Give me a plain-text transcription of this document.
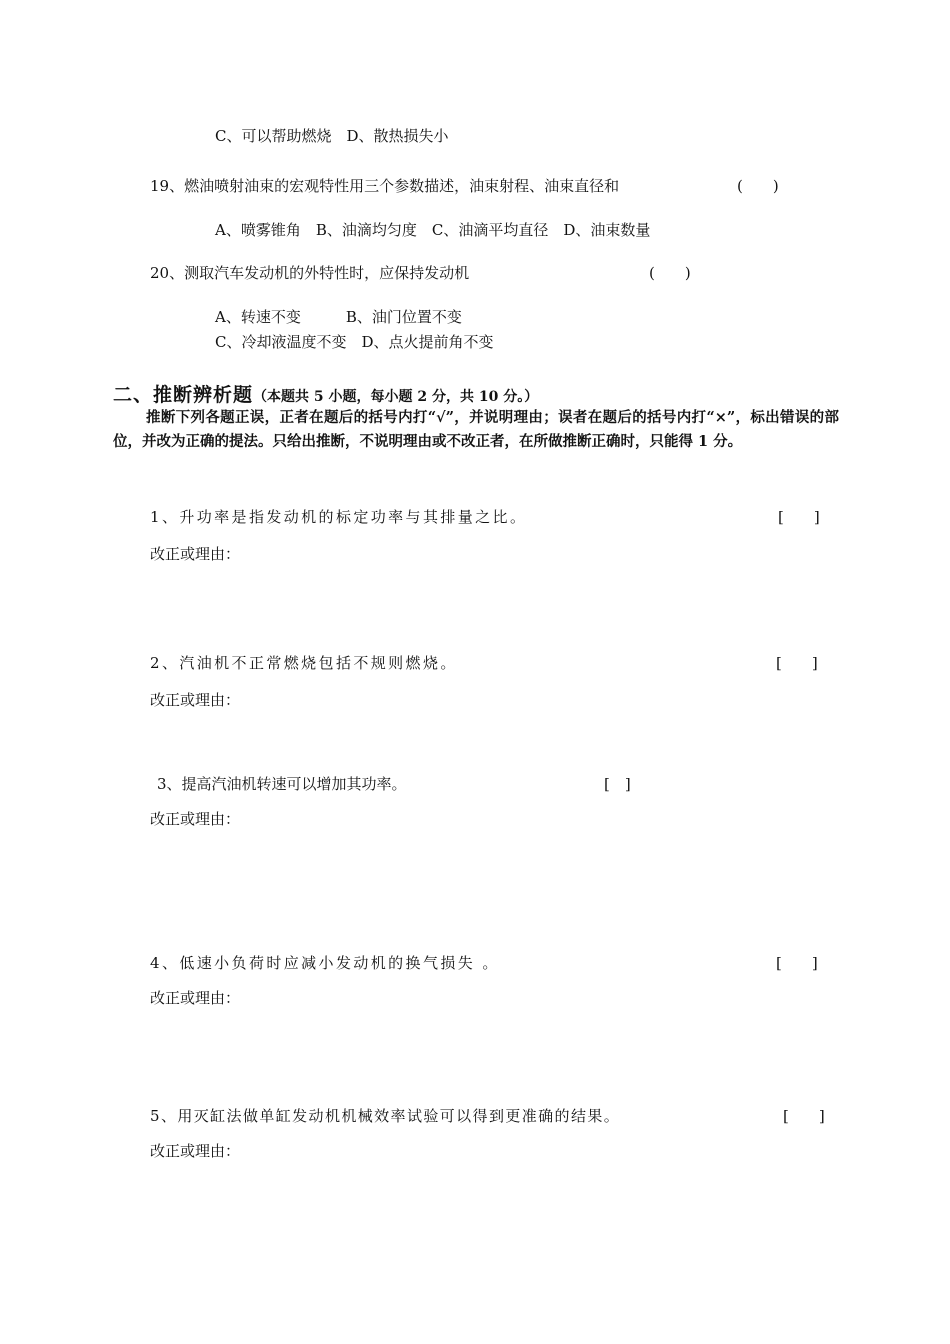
C、可以帮助燃烧　D、散热损失小
19、燃油喷射油束的宏观特性用三个参数描述，油束射程、油束直径和	(　　)
A、喷雾锥角　B、油滴均匀度　C、油滴平均直径　D、油束数量
20、测取汽车发动机的外特性时，应保持发动机	(　　)
A、转速不变　　　B、油门位置不变
C、冷却液温度不变　D、点火提前角不变
二、推断辨析题（本题共 5 小题，每小题 2 分，共 10 分。）
推断下列各题正误，正者在题后的括号内打“√”，并说明理由；误者在题后的括号内打“×”，标出错误的部位，并改为正确的提法。只给出推断，不说明理由或不改正者，在所做推断正确时，只能得 1 分。
1、升功率是指发动机的标定功率与其排量之比。	[　　]
改正或理由：
2、汽油机不正常燃烧包括不规则燃烧。	[　　]
改正或理由：
3、提高汽油机转速可以增加其功率。	[　]
改正或理由：
4、低速小负荷时应减小发动机的换气损失 。	[　　]
改正或理由：
5、用灭缸法做单缸发动机机械效率试验可以得到更准确的结果。	[　　]
改正或理由：
